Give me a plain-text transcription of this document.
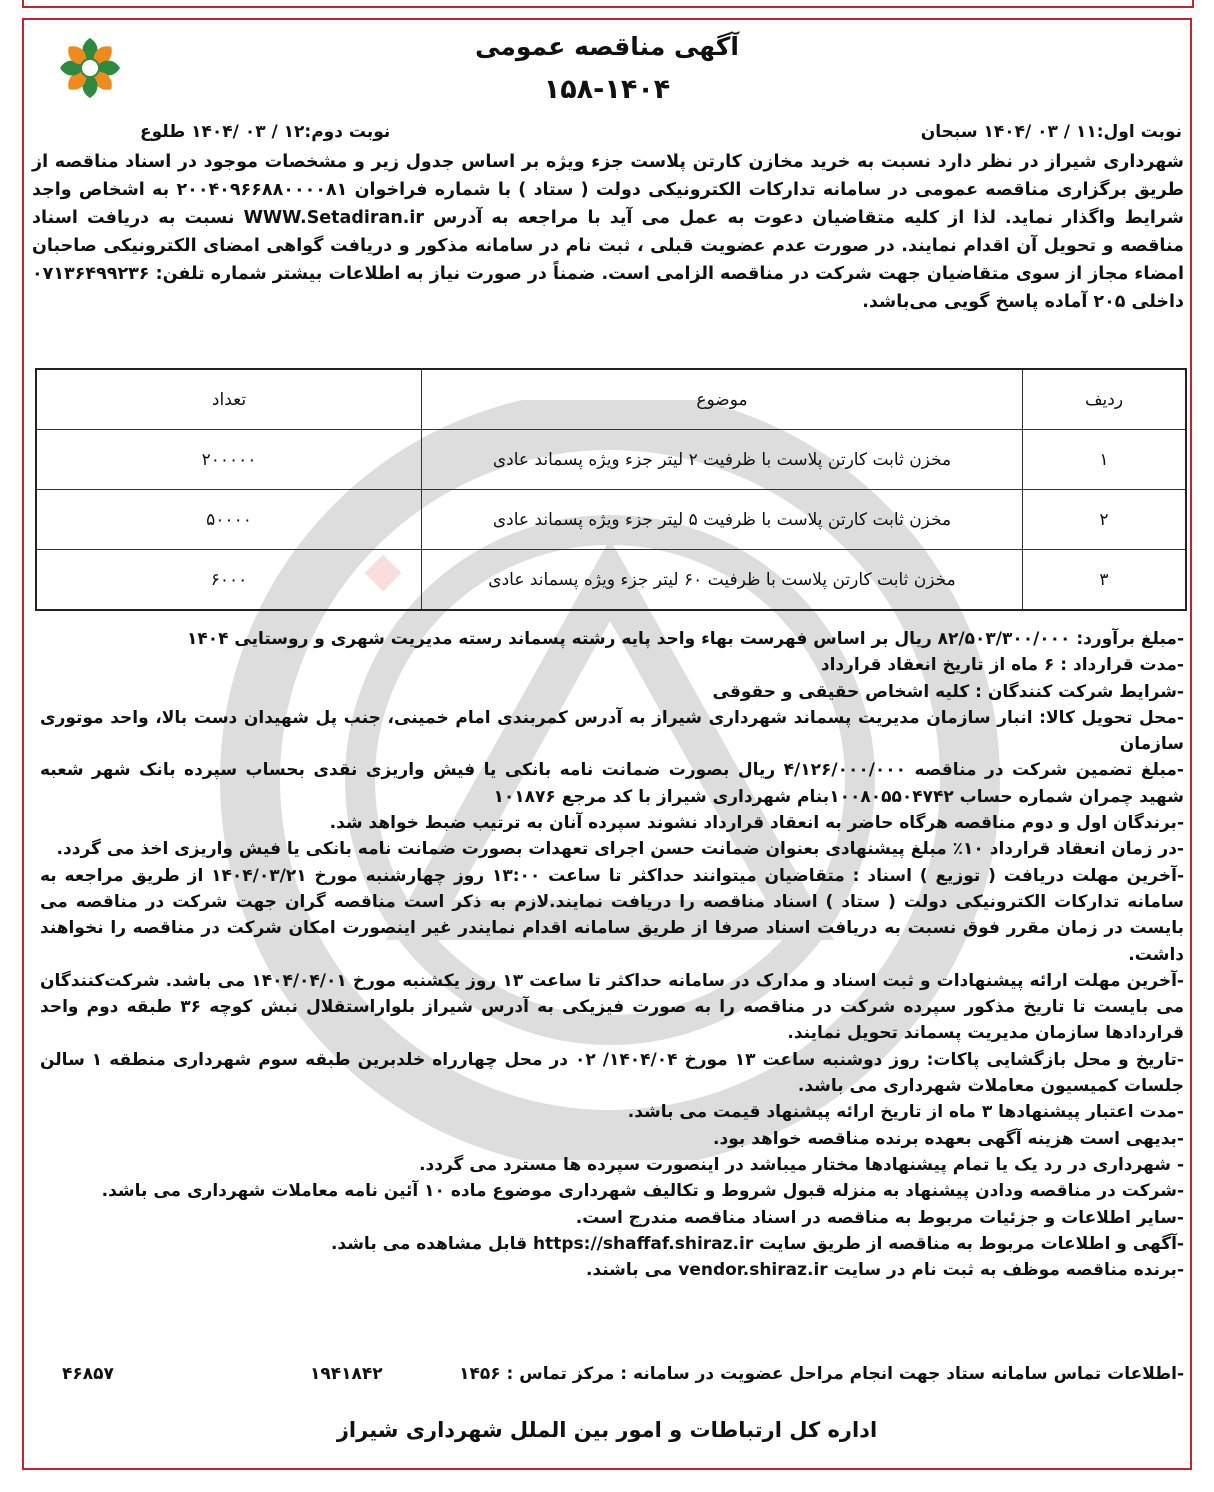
آگهی مناقصه عمومی
۱۵۸-۱۴۰۴
نوبت اول:۱۱ / ۰۳ /۱۴۰۴ سبحان
نوبت دوم:۱۲ / ۰۳ /۱۴۰۴ طلوع
شهرداری شیراز در نظر دارد نسبت به خرید مخازن کارتن پلاست جزء ویژه بر اساس جدول زیر و مشخصات موجود در اسناد مناقصه از طریق برگزاری مناقصه عمومی در سامانه تدارکات الکترونیکی دولت ( ستاد ) با شماره فراخوان ۲۰۰۴۰۹۶۶۸۸۰۰۰۰۸۱ به اشخاص واجد شرایط واگذار نماید. لذا از کلیه متقاضیان دعوت به عمل می آید با مراجعه به آدرس WWW.Setadiran.ir نسبت به دریافت اسناد مناقصه و تحویل آن اقدام نمایند. در صورت عدم عضویت قبلی ، ثبت نام در سامانه مذکور و دریافت گواهی امضای الکترونیکی صاحبان امضاء مجاز از سوی متقاضیان جهت شرکت در مناقصه الزامی است. ضمناً در صورت نیاز به اطلاعات بیشتر شماره تلفن: ۰۷۱۳۶۴۹۹۲۳۶ داخلی ۲۰۵ آماده پاسخ گویی می‌باشد.
ردیف	موضوع	تعداد
۱	مخزن ثابت کارتن پلاست با ظرفیت ۲ لیتر جزء ویژه پسماند عادی	۲۰۰۰۰۰
۲	مخزن ثابت کارتن پلاست با ظرفیت ۵ لیتر جزء ویژه پسماند عادی	۵۰۰۰۰
۳	مخزن ثابت کارتن پلاست با ظرفیت ۶۰ لیتر جزء ویژه پسماند عادی	۶۰۰۰

-مبلغ برآورد: ۸۲/۵۰۳/۳۰۰/۰۰۰ ریال بر اساس فهرست بهاء واحد پایه رشته پسماند رسته مدیریت شهری و روستایی ۱۴۰۴

-مدت قرارداد : ۶ ماه از تاریخ انعقاد قرارداد

-شرایط شرکت کنندگان : کلیه اشخاص حقیقی و حقوقی

-محل تحویل کالا: انبار سازمان مدیریت پسماند شهرداری شیراز به آدرس کمربندی امام خمینی، جنب پل شهیدان دست بالا، واحد موتوری سازمان

-مبلغ تضمین شرکت در مناقصه ۴/۱۲۶/۰۰۰/۰۰۰ ریال بصورت ضمانت نامه بانکی یا فیش واریزی نقدی بحساب سپرده بانک شهر شعبه شهید چمران شماره حساب ۱۰۰۸۰۵۵۰۴۷۴۲بنام شهرداری شیراز با کد مرجع ۱۰۱۸۷۶

-برندگان اول و دوم مناقصه هرگاه حاضر به انعقاد قرارداد نشوند سپرده آنان به ترتیب ضبط خواهد شد.

-در زمان انعقاد قرارداد ۱۰٪ مبلغ پیشنهادی بعنوان ضمانت حسن اجرای تعهدات بصورت ضمانت نامه بانکی یا فیش واریزی اخذ می گردد.

-آخرین مهلت دریافت ( توزیع ) اسناد : متقاضیان میتوانند حداکثر تا ساعت ۱۳:۰۰ روز چهارشنبه مورخ ۱۴۰۴/۰۳/۲۱ از طریق مراجعه به سامانه تدارکات الکترونیکی دولت ( ستاد ) اسناد مناقصه را دریافت نمایند.لازم به ذکر است مناقصه گران جهت شرکت در مناقصه می بایست در زمان مقرر فوق نسبت به دریافت اسناد صرفا از طریق سامانه اقدام نمایندر غیر اینصورت امکان شرکت در مناقصه را نخواهند داشت.

-آخرین مهلت ارائه پیشنهادات و ثبت اسناد و مدارک در سامانه حداکثر تا ساعت ۱۳ روز یکشنبه مورخ ۱۴۰۴/۰۴/۰۱ می باشد. شرکت‌کنندگان می بایست تا تاریخ مذکور سپرده شرکت در مناقصه را به صورت فیزیکی به آدرس شیراز بلواراستقلال نبش کوچه ۳۶ طبقه دوم واحد قراردادها سازمان مدیریت پسماند تحویل نمایند.

-تاریخ و محل بازگشایی پاکات: روز دوشنبه ساعت ۱۳ مورخ ۱۴۰۴/۰۴/ ۰۲ در محل چهارراه خلدبرین طبقه سوم شهرداری منطقه ۱ سالن جلسات کمیسیون معاملات شهرداری می باشد.

-مدت اعتبار پیشنهادها ۳ ماه از تاریخ ارائه پیشنهاد قیمت می باشد.

-بدیهی است هزینه آگهی بعهده برنده مناقصه خواهد بود.

- شهرداری در رد یک یا تمام پیشنهادها مختار میباشد در اینصورت سپرده ها مسترد می گردد.

-شرکت در مناقصه ودادن پیشنهاد به منزله قبول شروط و تکالیف شهرداری موضوع ماده ۱۰ آئین نامه معاملات شهرداری می باشد.

-سایر اطلاعات و جزئیات مربوط به مناقصه در اسناد مناقصه مندرج است.

-آگهی و اطلاعات مربوط به مناقصه از طریق سایت https://shaffaf.shiraz.ir قابل مشاهده می باشد.

-برنده مناقصه موظف به ثبت نام در سایت vendor.shiraz.ir می باشند.

-اطلاعات تماس سامانه ستاد جهت انجام مراحل عضویت در سامانه : مرکز تماس : ۱۴۵۶
۱۹۴۱۸۴۲
۴۶۸۵۷
اداره کل ارتباطات و امور بین الملل شهرداری شیراز
